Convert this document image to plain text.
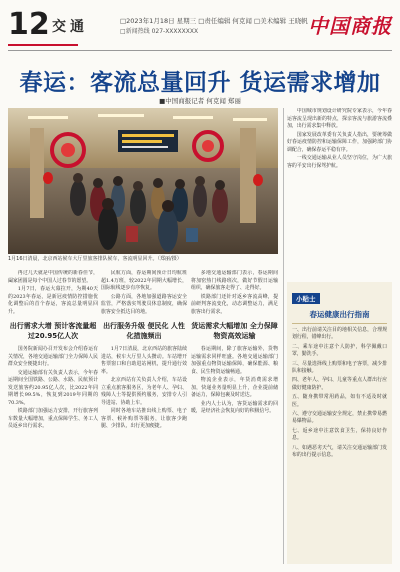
12 交通	□2023年1月18日 星期三 □责任编辑 何克闻 □美术编辑 王晓帆
□新闻热线 027-XXXXXXXX	中国商报
春运：客流总量回升 货运需求增加
■中国商报记者 何克闻 郑丽
1月16日清晨，北京西站候车大厅里旅客排队候车，客流明显回升。（郑丽/摄）

再过几天就是中国传统的新春佳节，阖家团圆是每个中国人过春节的愿望。

1月7日，春运大幕拉开，为期40天的2023年春运，是新冠疫情防控措施优化调整后的首个春运，客流总量明显回升。

出行需求大增 预计客流量超过20.95亿人次

国务院新闻办召开发布会介绍春运有关情况，各地交通运输部门全力保障人民群众安全便捷出行。

交通运输部有关负责人表示，今年春运期间全国铁路、公路、水路、民航预计发送旅客约20.95亿人次，比2022年同期增长99.5%，恢复到2019年同期的70.3%。

铁路部门加强运力安排，开行旅客列车数量大幅增加，重点保障学生、务工人员返乡出行需求。

民航方面，春运期间预计日均航班超1.4万班，较2022年同期大幅增长，国际航线逐步有序恢复。

公路方面，各地加强道路客运安全监管，严格落实驾驶员休息制度，确保旅客安全抵达目的地。

出行服务升级 便民化 人性化措施频出

1月7日清晨，北京西站的旅客陆续进站，候车大厅里人头攒动。车站增开售票窗口和自助进站闸机，提升通行效率。

北京西站有关负责人介绍，车站设立重点旅客服务区，为老年人、孕妇、残障人士等提供预约服务，安排专人引导进站、协助上车。

同时各地车站推出线上购票、电子客票、候补购票等服务，让旅客少跑腿、少排队，出行更加便捷。

多地交通运输部门表示，春运期间将加密热门线路班次，做好节假日运输组织，确保旅客走得了、走得好。

铁路部门还针对返乡客流高峰，提前研判客流变化，动态调整运力，满足旅客出行需求。

货运需求大幅增加 全力保障物资高效运输

春运期间，除了旅客运输外，货物运输需求同样旺盛。各地交通运输部门加强重点物资运输保障，确保能源、粮食、民生物资运输畅通。

物流企业表示，年货消费需求增加，快递业务量明显上升，企业提前储备运力，保障包裹及时送达。

业内人士认为，客货运输需求的回暖，是经济社会恢复向好的积极信号。

中国城市规划设计研究院专家表示，今年春运客流呈现出新的特点，探亲客流与旅游客流叠加，出行需求集中释放。

国家发展改革委有关负责人指出，要统筹做好春运疫情防控和运输保障工作，加强跨部门协调配合，确保春运平稳有序。

一线交通运输从业人员坚守岗位，为广大旅客的平安出行保驾护航。

小贴士
春运健康出行指南
一、出行前请关注目的地相关信息，合理规划行程，错峰出行。
二、乘车途中注意个人防护，科学佩戴口罩，勤洗手。
三、尽量选择线上购票和电子客票，减少排队和接触。
四、老年人、孕妇、儿童等重点人群出行应做好健康防护。
五、随身携带常用药品，如有不适及时就医。
六、遵守交通运输安全规定，禁止携带易燃易爆物品。
七、返乡途中注意饮食卫生，保持良好作息。
八、如遇恶劣天气，请关注交通运输部门发布的出行提示信息。
